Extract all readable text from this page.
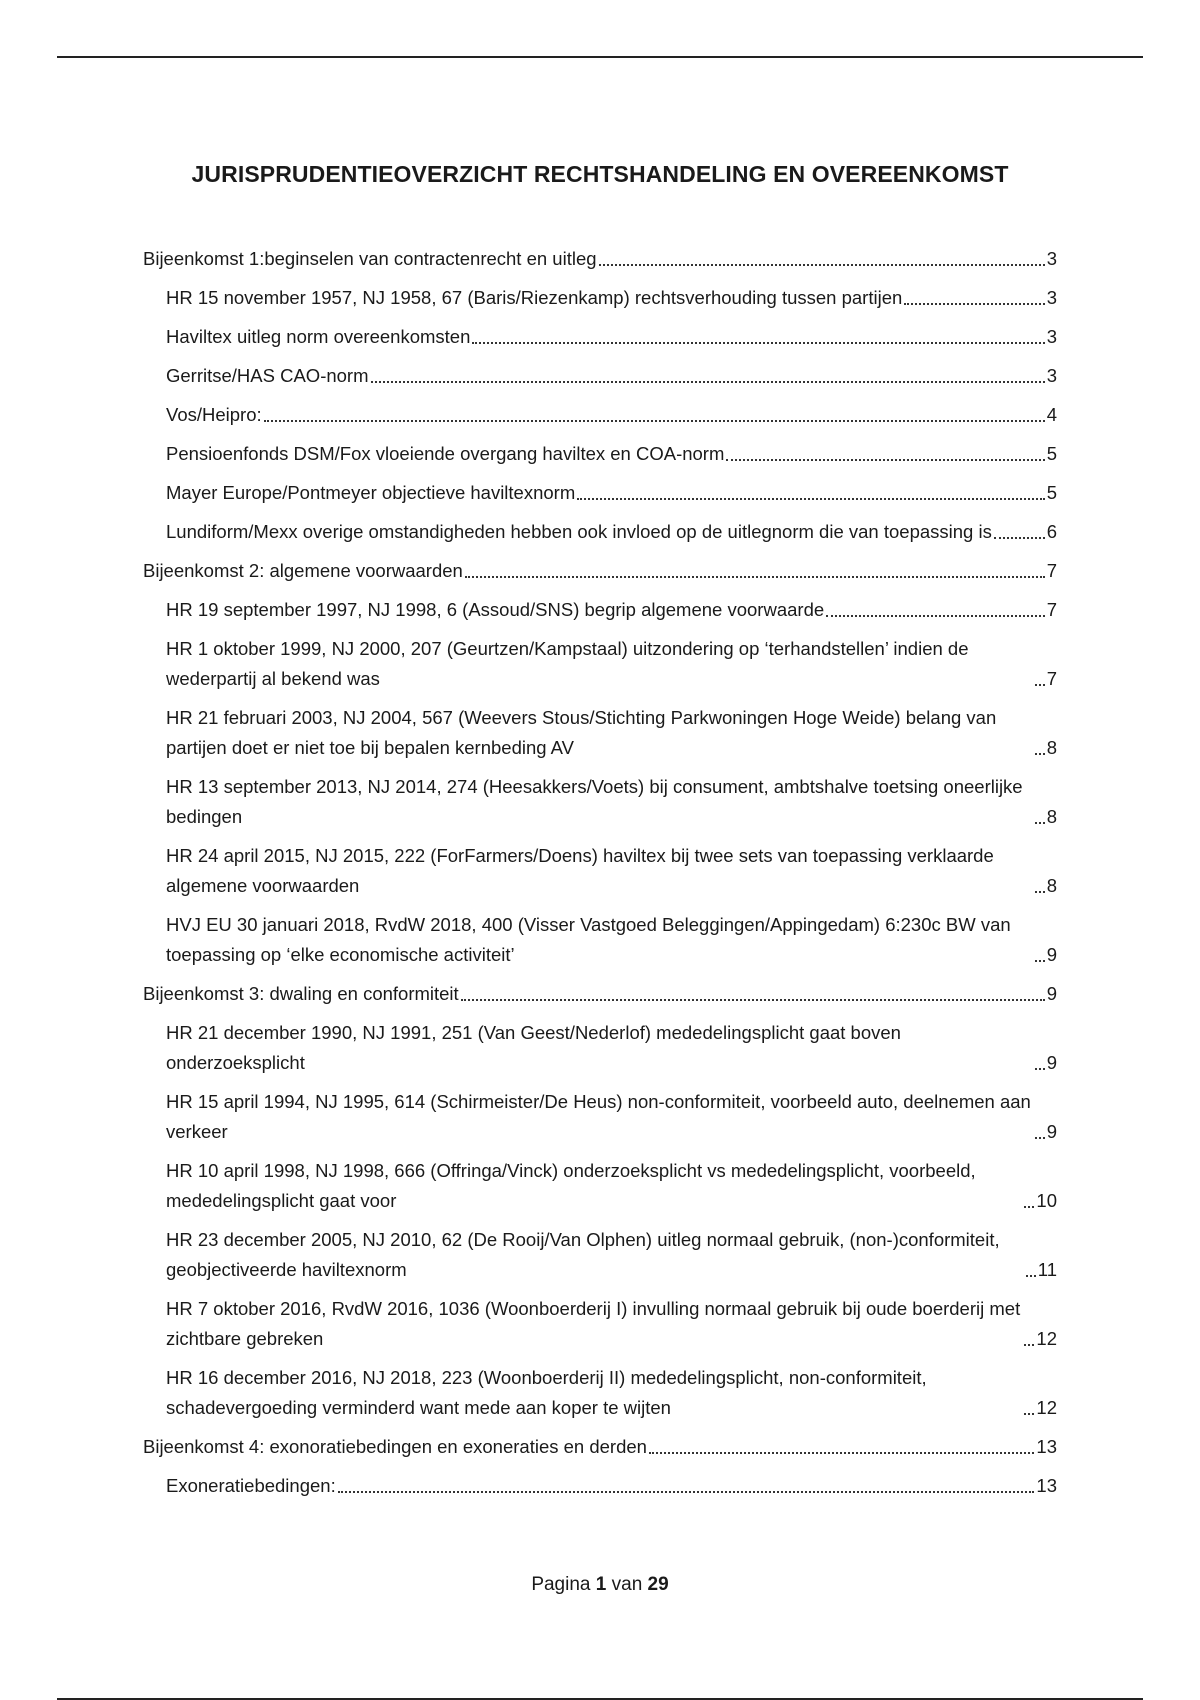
JURISPRUDENTIEOVERZICHT RECHTSHANDELING EN OVEREENKOMST
Bijeenkomst 1:beginselen van contractenrecht en uitleg	3
HR 15 november 1957, NJ 1958, 67 (Baris/Riezenkamp) rechtsverhouding tussen partijen	3
Haviltex uitleg norm overeenkomsten	3
Gerritse/HAS CAO-norm	3
Vos/Heipro:	4
Pensioenfonds DSM/Fox vloeiende overgang haviltex en COA-norm	5
Mayer Europe/Pontmeyer objectieve haviltexnorm	5
Lundiform/Mexx overige omstandigheden hebben ook invloed op de uitlegnorm die van toepassing is	6
Bijeenkomst 2: algemene voorwaarden	7
HR 19 september 1997, NJ 1998, 6 (Assoud/SNS) begrip algemene voorwaarde	7
HR 1 oktober 1999, NJ 2000, 207 (Geurtzen/Kampstaal) uitzondering op ‘terhandstellen’ indien de wederpartij al bekend was	7
HR 21 februari 2003, NJ 2004, 567 (Weevers Stous/Stichting Parkwoningen Hoge Weide) belang van partijen doet er niet toe bij bepalen kernbeding AV	8
HR 13 september 2013, NJ 2014, 274 (Heesakkers/Voets) bij consument, ambtshalve toetsing oneerlijke bedingen	8
HR 24 april 2015, NJ 2015, 222 (ForFarmers/Doens) haviltex bij twee sets van toepassing verklaarde algemene voorwaarden	8
HVJ EU 30 januari 2018, RvdW 2018, 400 (Visser Vastgoed Beleggingen/Appingedam) 6:230c BW van toepassing op ‘elke economische activiteit’	9
Bijeenkomst 3: dwaling en conformiteit	9
HR 21 december 1990, NJ 1991, 251 (Van Geest/Nederlof) mededelingsplicht gaat boven onderzoeksplicht	9
HR 15 april 1994, NJ 1995, 614 (Schirmeister/De Heus) non-conformiteit, voorbeeld auto, deelnemen aan verkeer	9
HR 10 april 1998, NJ 1998, 666 (Offringa/Vinck) onderzoeksplicht vs mededelingsplicht, voorbeeld, mededelingsplicht gaat voor	10
HR 23 december 2005, NJ 2010, 62 (De Rooij/Van Olphen) uitleg normaal gebruik, (non-)conformiteit, geobjectiveerde haviltexnorm	11
HR 7 oktober 2016, RvdW 2016, 1036 (Woonboerderij I) invulling normaal gebruik bij oude boerderij met zichtbare gebreken	12
HR 16 december 2016, NJ 2018, 223 (Woonboerderij II) mededelingsplicht, non-conformiteit, schadevergoeding verminderd want mede aan koper te wijten	12
Bijeenkomst 4: exonoratiebedingen en exoneraties en derden	13
Exoneratiebedingen:	13
Pagina 1 van 29
